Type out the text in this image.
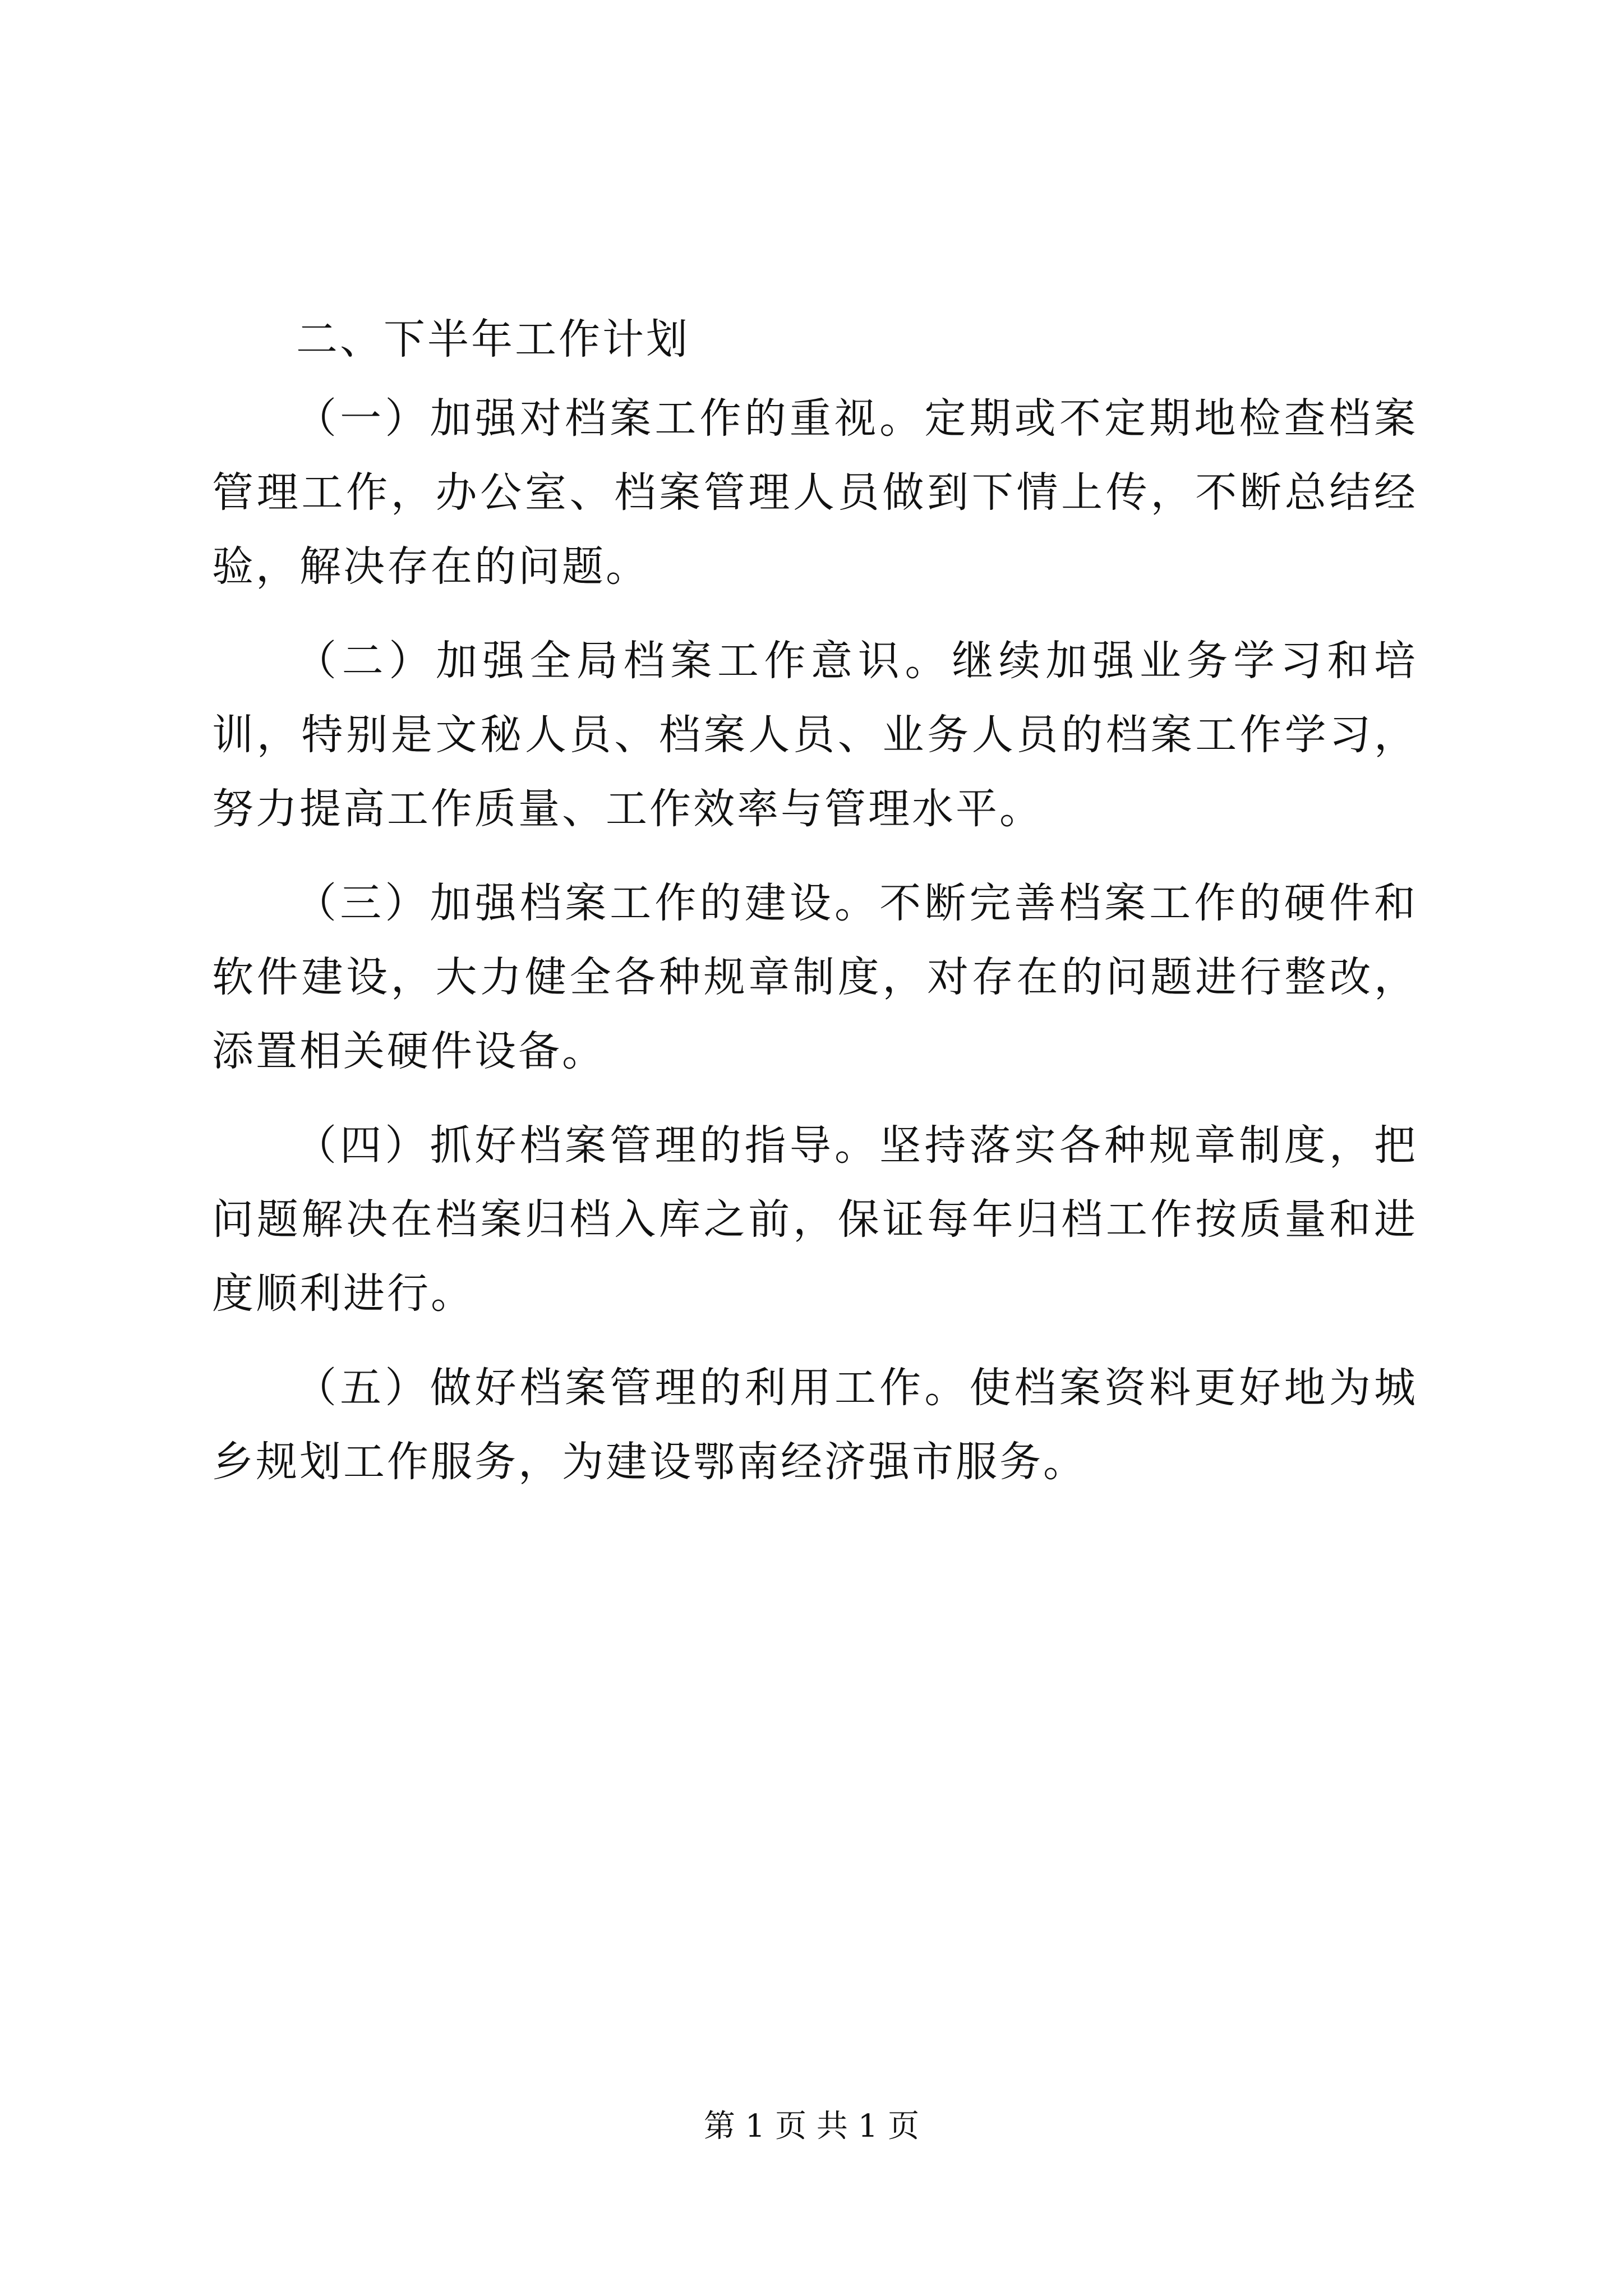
二、下半年工作计划

（一）加强对档案工作的重视。定期或不定期地检查档案管理工作，办公室、档案管理人员做到下情上传，不断总结经验，解决存在的问题。

（二）加强全局档案工作意识。继续加强业务学习和培训，特别是文秘人员、档案人员、业务人员的档案工作学习，努力提高工作质量、工作效率与管理水平。

（三）加强档案工作的建设。不断完善档案工作的硬件和软件建设，大力健全各种规章制度，对存在的问题进行整改，添置相关硬件设备。

（四）抓好档案管理的指导。坚持落实各种规章制度，把问题解决在档案归档入库之前，保证每年归档工作按质量和进度顺利进行。

（五）做好档案管理的利用工作。使档案资料更好地为城乡规划工作服务，为建设鄂南经济强市服务。

第 1 页 共 1 页
